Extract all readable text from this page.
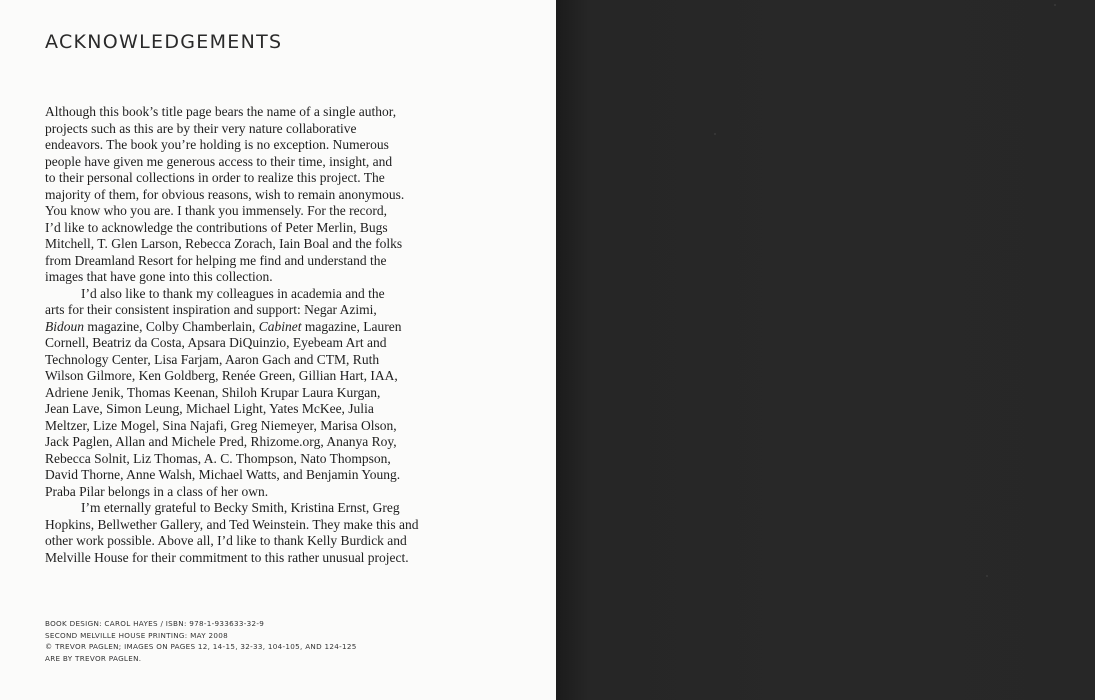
ACKNOWLEDGEMENTS
Although this book’s title page bears the name of a single author,
projects such as this are by their very nature collaborative
endeavors. The book you’re holding is no exception. Numerous
people have given me generous access to their time, insight, and
to their personal collections in order to realize this project. The
majority of them, for obvious reasons, wish to remain anonymous.
You know who you are. I thank you immensely. For the record,
I’d like to acknowledge the contributions of Peter Merlin, Bugs
Mitchell, T. Glen Larson, Rebecca Zorach, Iain Boal and the folks
from Dreamland Resort for helping me find and understand the
images that have gone into this collection.
I’d also like to thank my colleagues in academia and the
arts for their consistent inspiration and support: Negar Azimi,
Bidoun magazine, Colby Chamberlain, Cabinet magazine, Lauren
Cornell, Beatriz da Costa, Apsara DiQuinzio, Eyebeam Art and
Technology Center, Lisa Farjam, Aaron Gach and CTM, Ruth
Wilson Gilmore, Ken Goldberg, Renée Green, Gillian Hart, IAA,
Adriene Jenik, Thomas Keenan, Shiloh Krupar Laura Kurgan,
Jean Lave, Simon Leung, Michael Light, Yates McKee, Julia
Meltzer, Lize Mogel, Sina Najafi, Greg Niemeyer, Marisa Olson,
Jack Paglen, Allan and Michele Pred, Rhizome.org, Ananya Roy,
Rebecca Solnit, Liz Thomas, A. C. Thompson, Nato Thompson,
David Thorne, Anne Walsh, Michael Watts, and Benjamin Young.
Praba Pilar belongs in a class of her own.
I’m eternally grateful to Becky Smith, Kristina Ernst, Greg
Hopkins, Bellwether Gallery, and Ted Weinstein. They make this and
other work possible. Above all, I’d like to thank Kelly Burdick and
Melville House for their commitment to this rather unusual project.
BOOK DESIGN: CAROL HAYES / ISBN: 978-1-933633-32-9
SECOND MELVILLE HOUSE PRINTING: MAY 2008
© TREVOR PAGLEN; IMAGES ON PAGES 12, 14-15, 32-33, 104-105, AND 124-125
ARE BY TREVOR PAGLEN.
